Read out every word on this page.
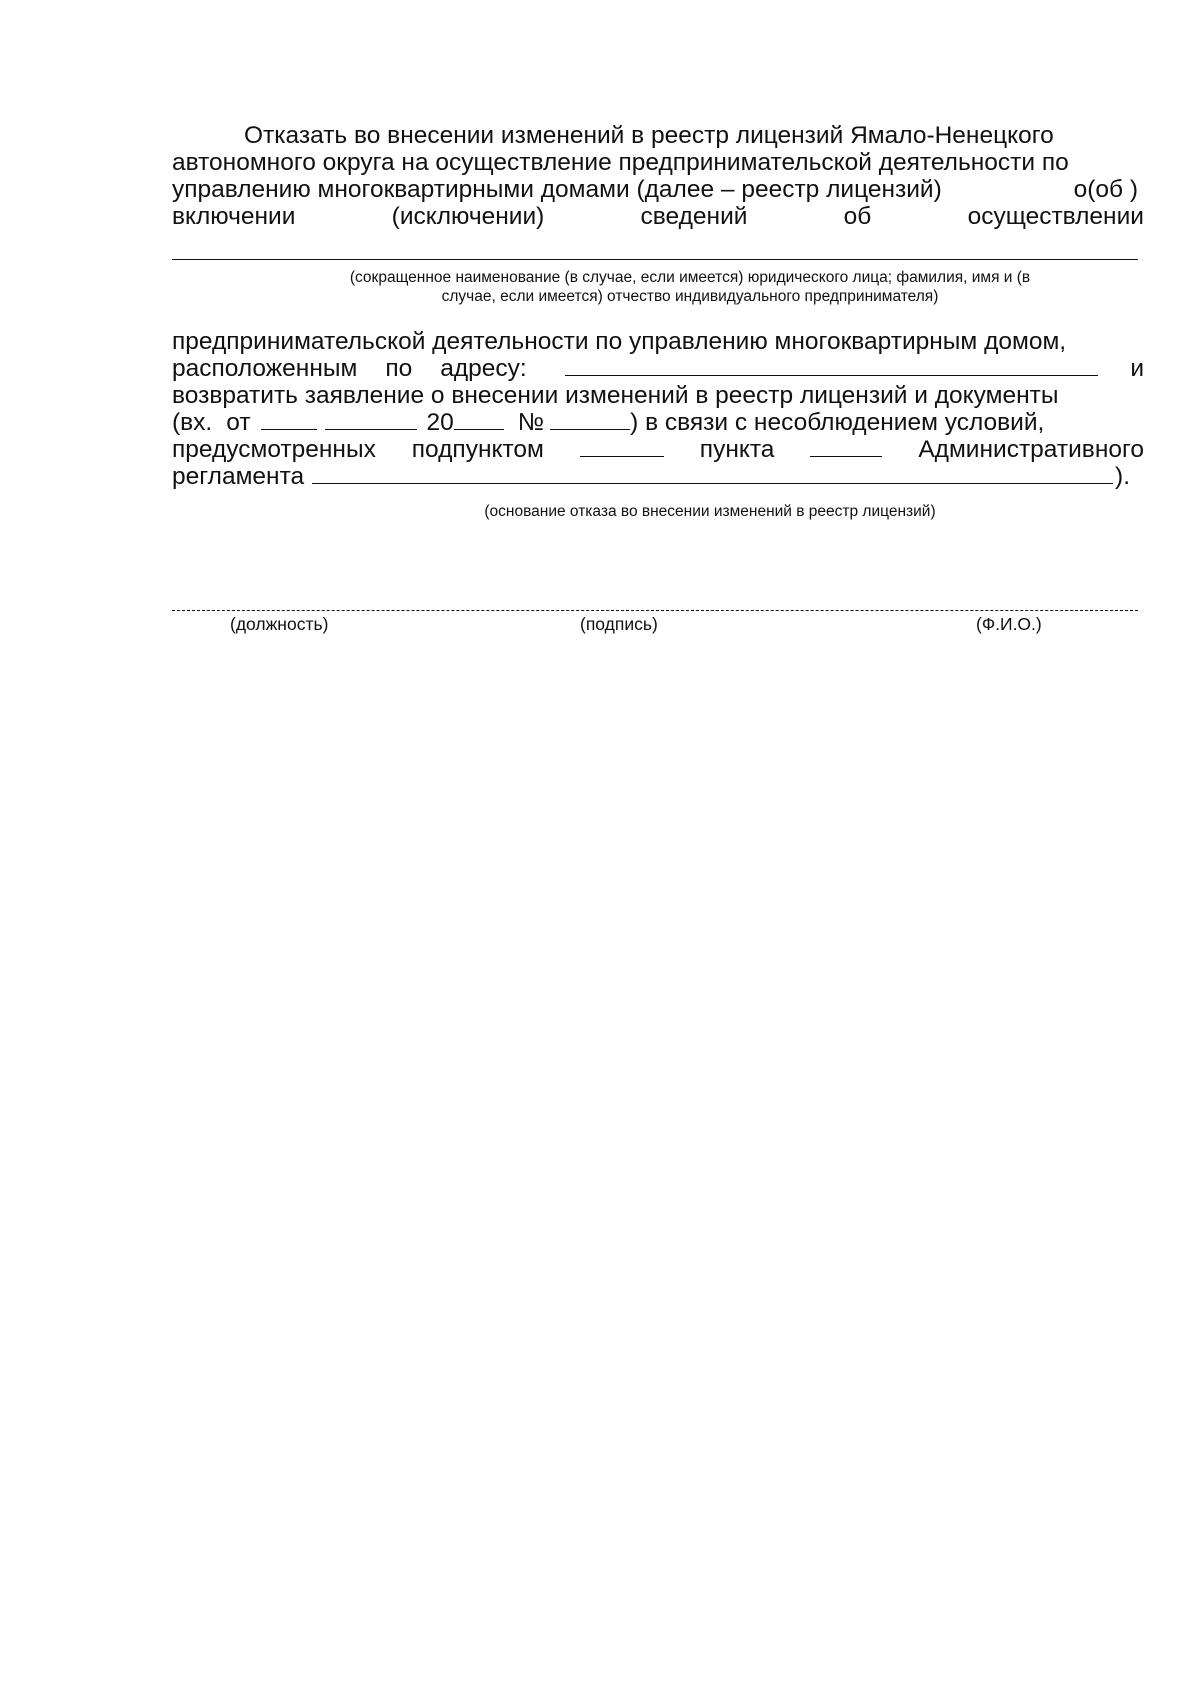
Отказать во внесении изменений в реестр лицензий Ямало-Ненецкого
автономного округа на осуществление предпринимательской деятельности по
управлению многоквартирными домами (далее – реестр лицензий)	о(об )
включении	(исключении)	сведений	об	осуществлении
(сокращенное наименование (в случае, если имеется) юридического лица; фамилия, имя и (в
случае, если имеется) отчество индивидуального предпринимателя)
предпринимательской деятельности по управлению многоквартирным домом,
расположенным по адресу:	и
возвратить заявление о внесении изменений в реестр лицензий и документы
(вх. от	20	№	) в связи с несоблюдением условий,
предусмотренных подпунктом	пункта	Административного
регламента	).
(основание отказа во внесении изменений в реестр лицензий)
(должность)	(подпись)	(Ф.И.О.)
